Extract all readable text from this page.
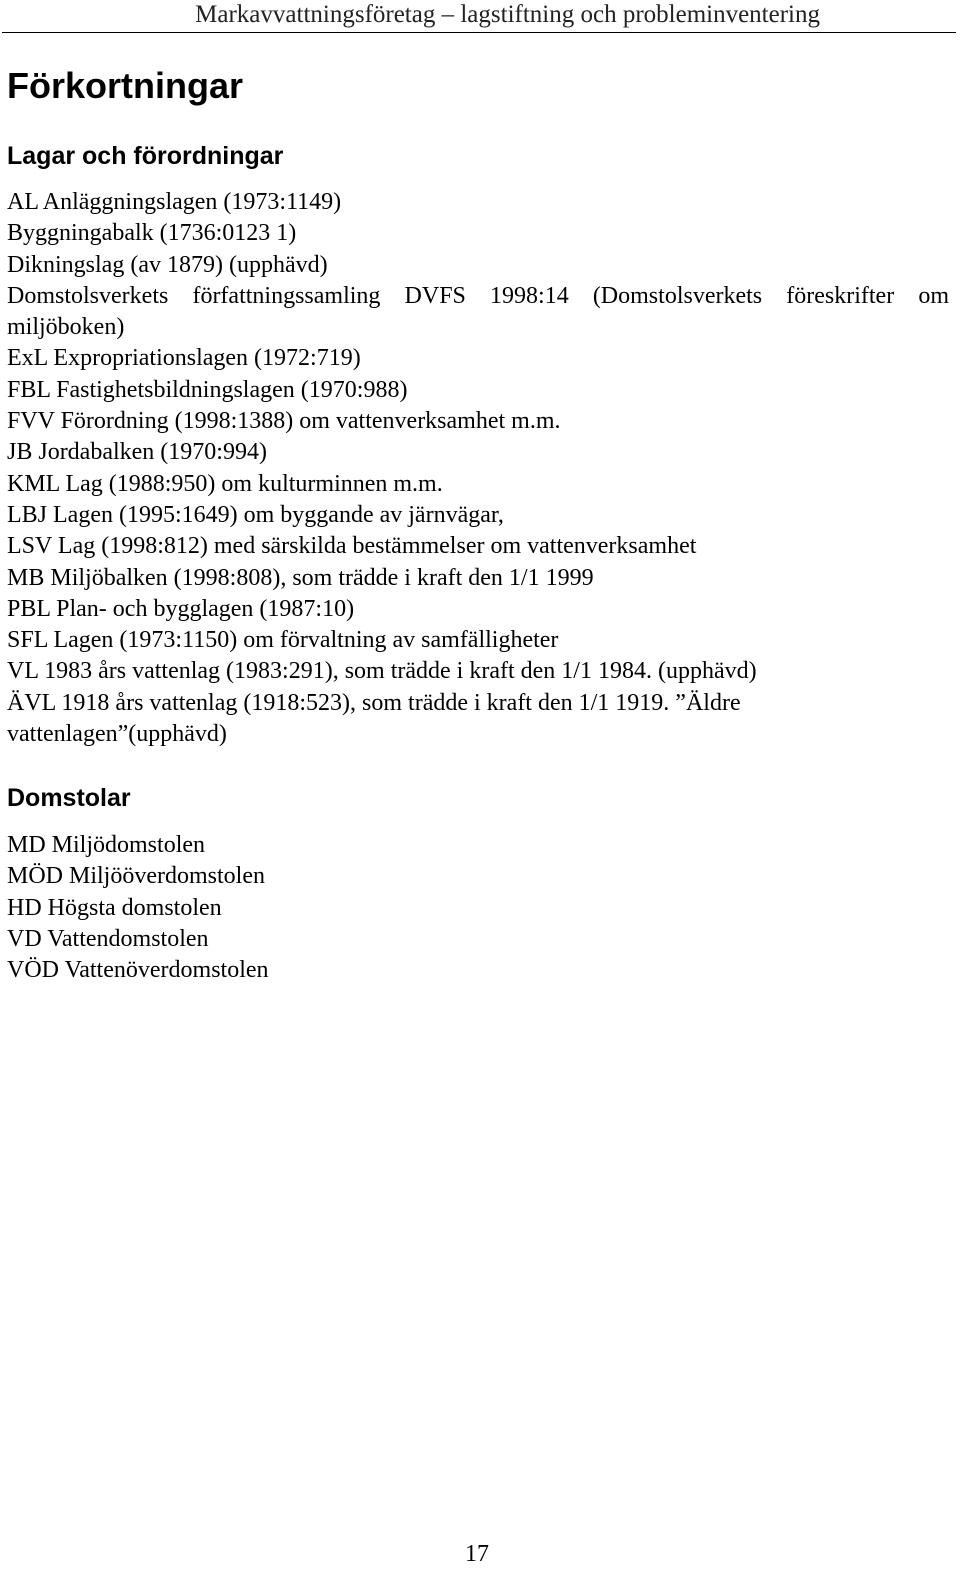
Markavvattningsföretag – lagstiftning och probleminventering
Förkortningar
Lagar och förordningar
AL Anläggningslagen (1973:1149)
Byggningabalk (1736:0123 1)
Dikningslag (av 1879) (upphävd)
Domstolsverkets författningssamling DVFS 1998:14 (Domstolsverkets föreskrifter om miljöboken)
ExL Expropriationslagen (1972:719)
FBL Fastighetsbildningslagen (1970:988)
FVV Förordning (1998:1388) om vattenverksamhet m.m.
JB Jordabalken (1970:994)
KML Lag (1988:950) om kulturminnen m.m.
LBJ Lagen (1995:1649) om byggande av järnvägar,
LSV Lag (1998:812) med särskilda bestämmelser om vattenverksamhet
MB Miljöbalken (1998:808), som trädde i kraft den 1/1 1999
PBL Plan- och bygglagen (1987:10)
SFL Lagen (1973:1150) om förvaltning av samfälligheter
VL 1983 års vattenlag (1983:291), som trädde i kraft den 1/1 1984. (upphävd)
ÄVL 1918 års vattenlag (1918:523), som trädde i kraft den 1/1 1919. ”Äldre vattenlagen”(upphävd)
Domstolar
MD Miljödomstolen
MÖD Miljööverdomstolen
HD Högsta domstolen
VD Vattendomstolen
VÖD Vattenöverdomstolen
17
